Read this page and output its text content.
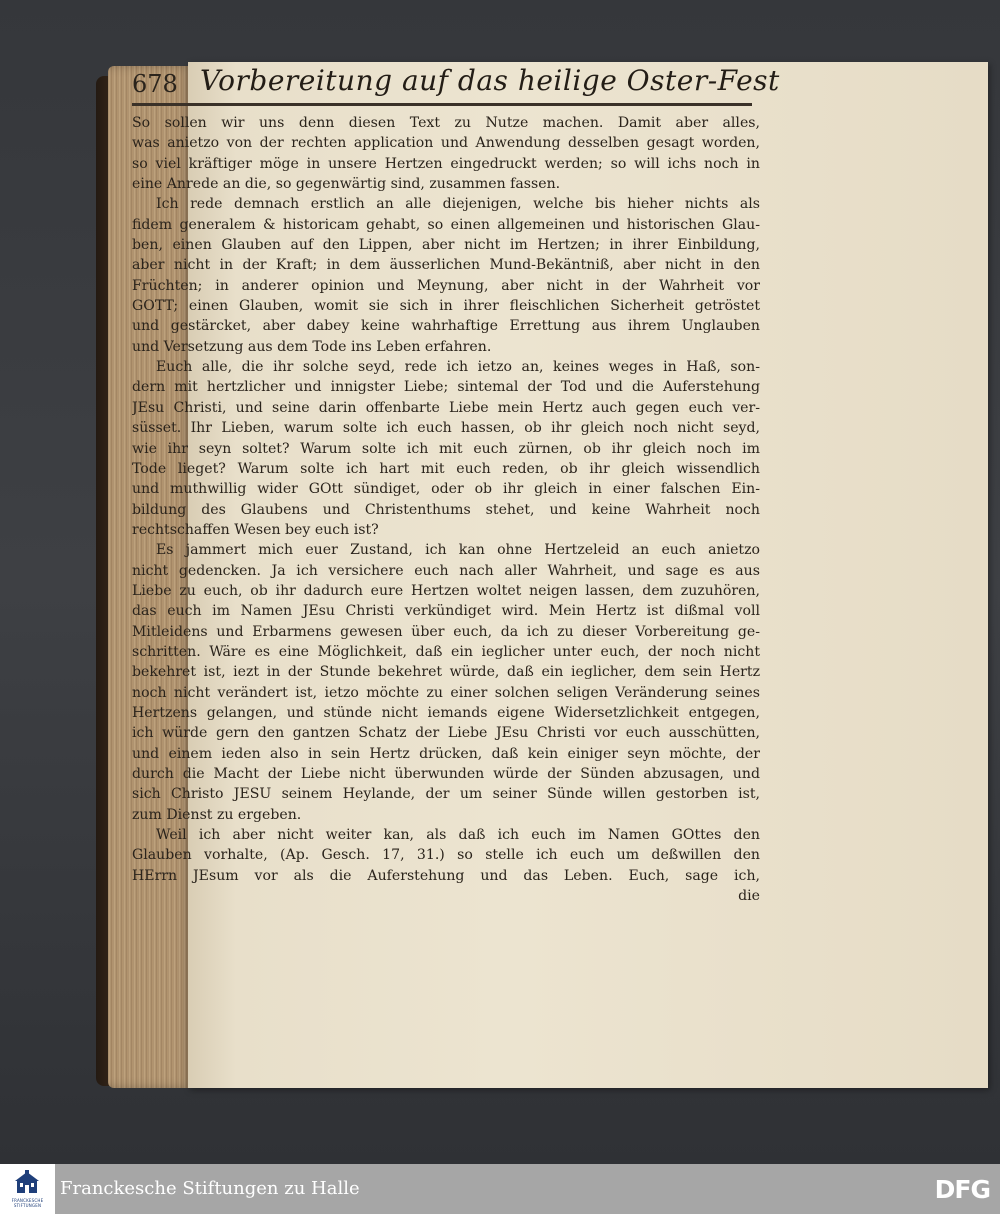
678 Vorbereitung auf das heilige Oster-Fest
So sollen wir uns denn diesen Text zu Nutze machen. Damit aber alles,
was anietzo von der rechten application und Anwendung desselben gesagt worden,
so viel kräftiger möge in unsere Hertzen eingedruckt werden; so will ichs noch in
eine Anrede an die, so gegenwärtig sind, zusammen fassen.
Ich rede demnach erstlich an alle diejenigen, welche bis hieher nichts als
fidem generalem & historicam gehabt, so einen allgemeinen und historischen Glau-
ben, einen Glauben auf den Lippen, aber nicht im Hertzen; in ihrer Einbildung,
aber nicht in der Kraft; in dem äusserlichen Mund-Bekäntniß, aber nicht in den
Früchten; in anderer opinion und Meynung, aber nicht in der Wahrheit vor
GOTT; einen Glauben, womit sie sich in ihrer fleischlichen Sicherheit getröstet
und gestärcket, aber dabey keine wahrhaftige Errettung aus ihrem Unglauben
und Versetzung aus dem Tode ins Leben erfahren.
Euch alle, die ihr solche seyd, rede ich ietzo an, keines weges in Haß, son-
dern mit hertzlicher und innigster Liebe; sintemal der Tod und die Auferstehung
JEsu Christi, und seine darin offenbarte Liebe mein Hertz auch gegen euch ver-
süsset. Ihr Lieben, warum solte ich euch hassen, ob ihr gleich noch nicht seyd,
wie ihr seyn soltet? Warum solte ich mit euch zürnen, ob ihr gleich noch im
Tode lieget? Warum solte ich hart mit euch reden, ob ihr gleich wissendlich
und muthwillig wider GOtt sündiget, oder ob ihr gleich in einer falschen Ein-
bildung des Glaubens und Christenthums stehet, und keine Wahrheit noch
rechtschaffen Wesen bey euch ist?
Es jammert mich euer Zustand, ich kan ohne Hertzeleid an euch anietzo
nicht gedencken. Ja ich versichere euch nach aller Wahrheit, und sage es aus
Liebe zu euch, ob ihr dadurch eure Hertzen woltet neigen lassen, dem zuzuhören,
das euch im Namen JEsu Christi verkündiget wird. Mein Hertz ist dißmal voll
Mitleidens und Erbarmens gewesen über euch, da ich zu dieser Vorbereitung ge-
schritten. Wäre es eine Möglichkeit, daß ein ieglicher unter euch, der noch nicht
bekehret ist, iezt in der Stunde bekehret würde, daß ein ieglicher, dem sein Hertz
noch nicht verändert ist, ietzo möchte zu einer solchen seligen Veränderung seines
Hertzens gelangen, und stünde nicht iemands eigene Widersetzlichkeit entgegen,
ich würde gern den gantzen Schatz der Liebe JEsu Christi vor euch ausschütten,
und einem ieden also in sein Hertz drücken, daß kein einiger seyn möchte, der
durch die Macht der Liebe nicht überwunden würde der Sünden abzusagen, und
sich Christo JESU seinem Heylande, der um seiner Sünde willen gestorben ist,
zum Dienst zu ergeben.
Weil ich aber nicht weiter kan, als daß ich euch im Namen GOttes den
Glauben vorhalte, (Ap. Gesch. 17, 31.) so stelle ich euch um deßwillen den
HErrn JEsum vor als die Auferstehung und das Leben. Euch, sage ich,
die
FRANCKESCHE STIFTUNGEN
Franckesche Stiftungen zu Halle	DFG
